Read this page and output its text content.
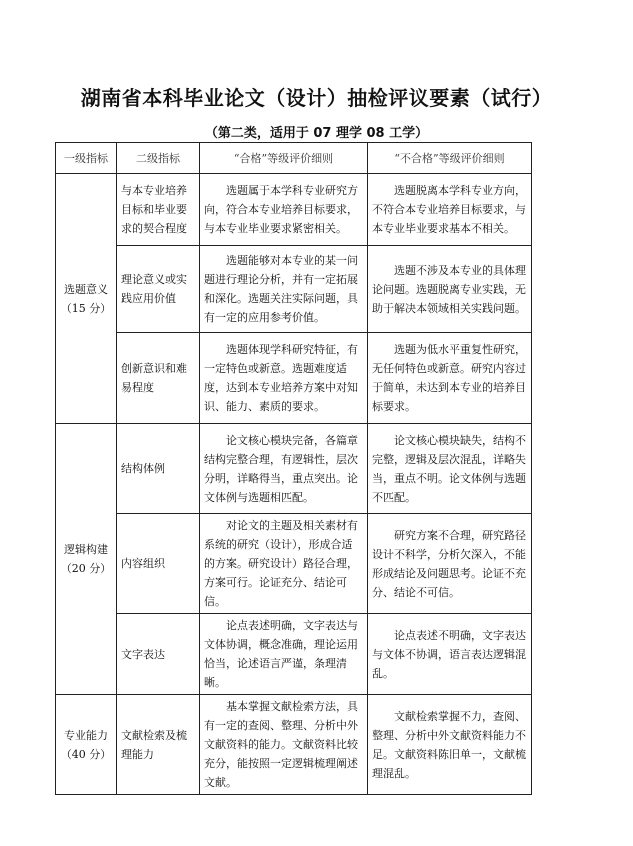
湖南省本科毕业论文（设计）抽检评议要素（试行）
（第二类，适用于 07 理学 08 工学）
一级指标	二级指标	“合格”等级评价细则	“不合格”等级评价细则
选题意义
（15 分）	与本专业培养目标和毕业要求的契合程度	选题属于本学科专业研究方向，符合本专业培养目标要求，与本专业毕业要求紧密相关。	选题脱离本学科专业方向，不符合本专业培养目标要求，与本专业毕业要求基本不相关。
	理论意义或实践应用价值	选题能够对本专业的某一问题进行理论分析，并有一定拓展和深化。选题关注实际问题，具有一定的应用参考价值。	选题不涉及本专业的具体理论问题。选题脱离专业实践，无助于解决本领域相关实践问题。
	创新意识和难易程度	选题体现学科研究特征，有一定特色或新意。选题难度适度，达到本专业培养方案中对知识、能力、素质的要求。	选题为低水平重复性研究，无任何特色或新意。研究内容过于简单，未达到本专业的培养目标要求。
逻辑构建
（20 分）	结构体例	论文核心模块完备，各篇章结构完整合理，有逻辑性，层次分明，详略得当，重点突出。论文体例与选题相匹配。	论文核心模块缺失，结构不完整，逻辑及层次混乱，详略失当，重点不明。论文体例与选题不匹配。
	内容组织	对论文的主题及相关素材有系统的研究（设计），形成合适的方案。研究设计）路径合理，方案可行。论证充分、结论可信。	研究方案不合理，研究路径设计不科学，分析欠深入，不能形成结论及问题思考。论证不充分、结论不可信。
	文字表达	论点表述明确，文字表达与文体协调，概念准确，理论运用恰当，论述语言严谨，条理清晰。	论点表述不明确，文字表达与文体不协调，语言表达逻辑混乱。
专业能力
（40 分）	文献检索及梳理能力	基本掌握文献检索方法，具有一定的查阅、整理、分析中外文献资料的能力。文献资料比较充分，能按照一定逻辑梳理阐述文献。	文献检索掌握不力，查阅、整理、分析中外文献资料能力不足。文献资料陈旧单一，文献梳理混乱。
